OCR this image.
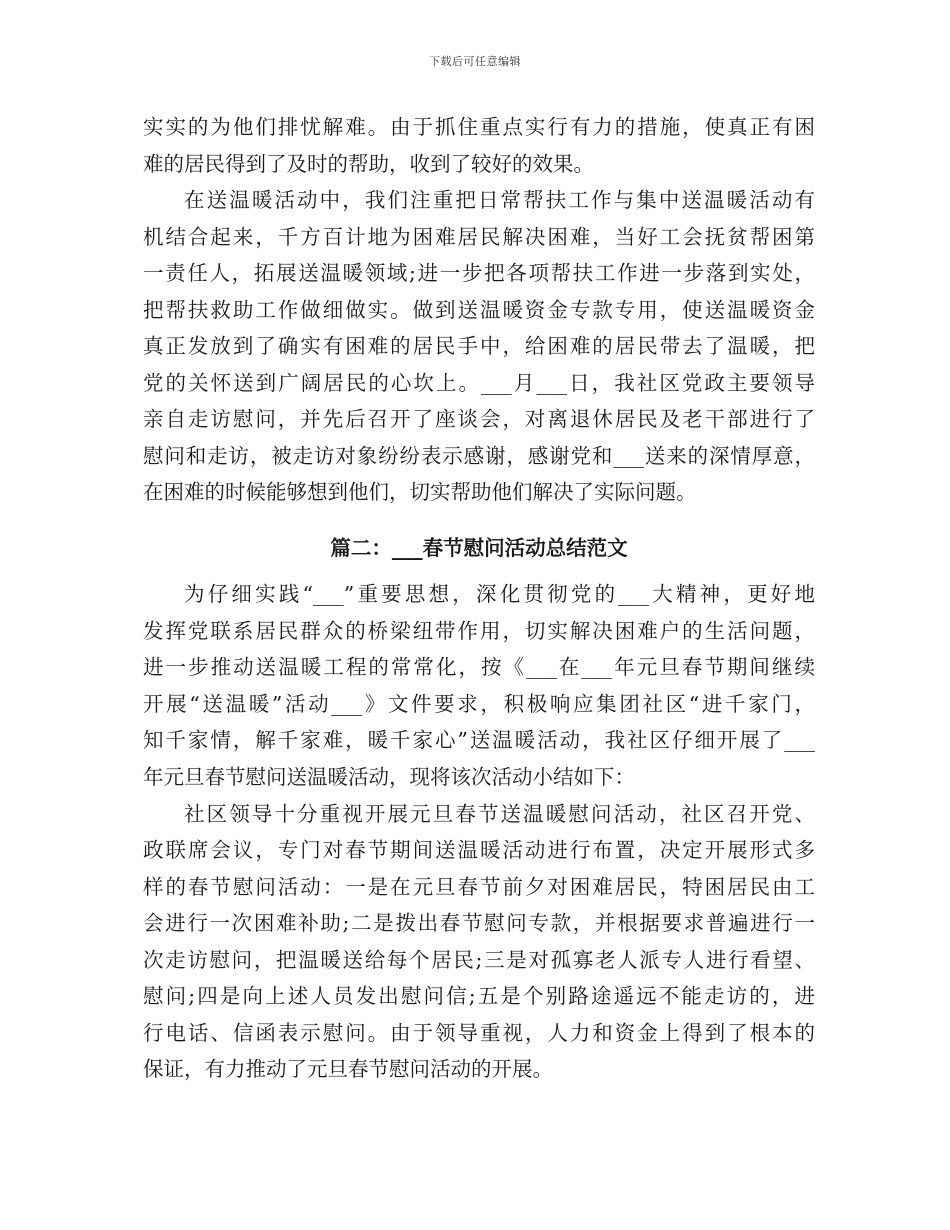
下载后可任意编辑
实实的为他们排忧解难。由于抓住重点实行有力的措施，使真正有困
难的居民得到了及时的帮助，收到了较好的效果。
在送温暖活动中，我们注重把日常帮扶工作与集中送温暖活动有
机结合起来，千方百计地为困难居民解决困难，当好工会抚贫帮困第
一责任人，拓展送温暖领域;进一步把各项帮扶工作进一步落到实处，
把帮扶救助工作做细做实。做到送温暖资金专款专用，使送温暖资金
真正发放到了确实有困难的居民手中，给困难的居民带去了温暖，把
党的关怀送到广阔居民的心坎上。___月___日，我社区党政主要领导
亲自走访慰问，并先后召开了座谈会，对离退休居民及老干部进行了
慰问和走访，被走访对象纷纷表示感谢，感谢党和___送来的深情厚意，
在困难的时候能够想到他们，切实帮助他们解决了实际问题。
篇二：___春节慰问活动总结范文
为仔细实践“___”重要思想，深化贯彻党的___大精神，更好地
发挥党联系居民群众的桥梁纽带作用，切实解决困难户的生活问题，
进一步推动送温暖工程的常常化，按《___在___年元旦春节期间继续
开展“送温暖”活动___》文件要求，积极响应集团社区“进千家门，
知千家情，解千家难，暖千家心”送温暖活动，我社区仔细开展了___
年元旦春节慰问送温暖活动，现将该次活动小结如下：
社区领导十分重视开展元旦春节送温暖慰问活动，社区召开党、
政联席会议，专门对春节期间送温暖活动进行布置，决定开展形式多
样的春节慰问活动：一是在元旦春节前夕对困难居民，特困居民由工
会进行一次困难补助;二是拨出春节慰问专款，并根据要求普遍进行一
次走访慰问，把温暖送给每个居民;三是对孤寡老人派专人进行看望、
慰问;四是向上述人员发出慰问信;五是个别路途遥远不能走访的，进
行电话、信函表示慰问。由于领导重视，人力和资金上得到了根本的
保证，有力推动了元旦春节慰问活动的开展。
